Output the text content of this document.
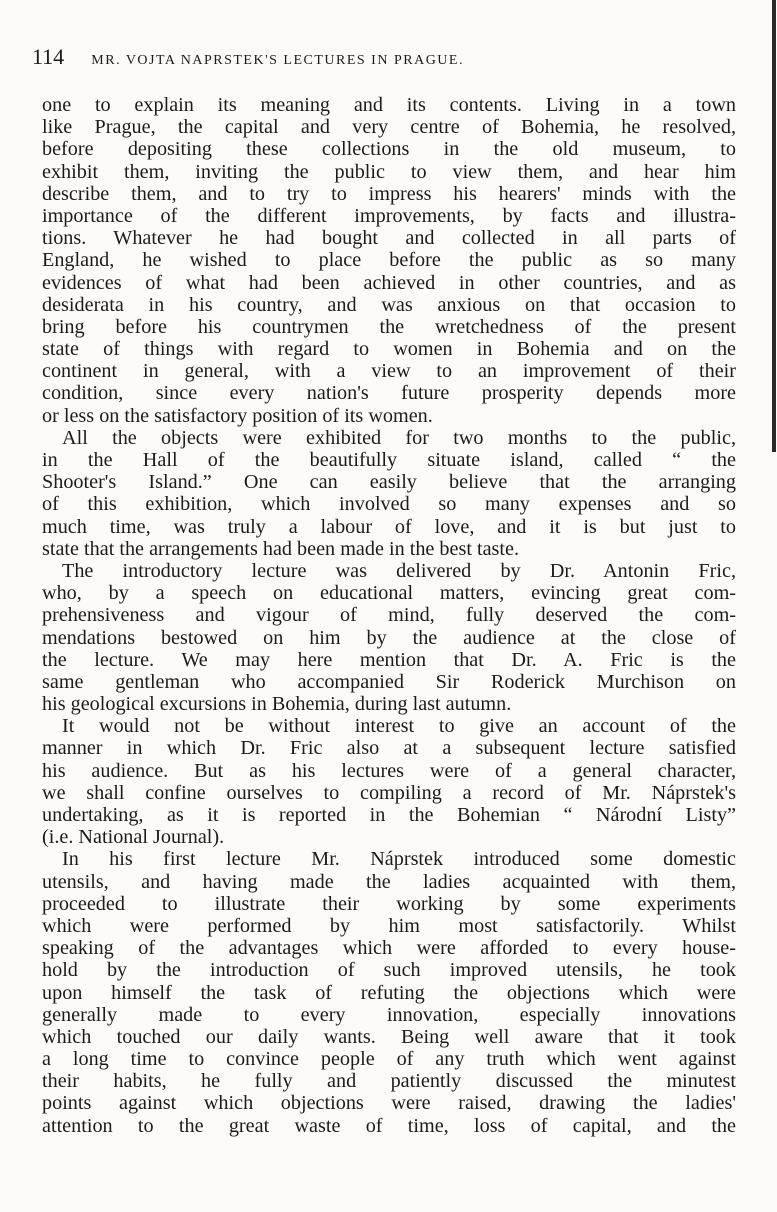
114 MR. VOJTA NAPRSTEK'S LECTURES IN PRAGUE.
one to explain its meaning and its contents. Living in a town
like Prague, the capital and very centre of Bohemia, he resolved,
before depositing these collections in the old museum, to
exhibit them, inviting the public to view them, and hear him
describe them, and to try to impress his hearers' minds with the
importance of the different improvements, by facts and illustra-
tions. Whatever he had bought and collected in all parts of
England, he wished to place before the public as so many
evidences of what had been achieved in other countries, and as
desiderata in his country, and was anxious on that occasion to
bring before his countrymen the wretchedness of the present
state of things with regard to women in Bohemia and on the
continent in general, with a view to an improvement of their
condition, since every nation's future prosperity depends more
or less on the satisfactory position of its women.
All the objects were exhibited for two months to the public,
in the Hall of the beautifully situate island, called “ the
Shooter's Island.” One can easily believe that the arranging
of this exhibition, which involved so many expenses and so
much time, was truly a labour of love, and it is but just to
state that the arrangements had been made in the best taste.
The introductory lecture was delivered by Dr. Antonin Fric,
who, by a speech on educational matters, evincing great com-
prehensiveness and vigour of mind, fully deserved the com-
mendations bestowed on him by the audience at the close of
the lecture. We may here mention that Dr. A. Fric is the
same gentleman who accompanied Sir Roderick Murchison on
his geological excursions in Bohemia, during last autumn.
It would not be without interest to give an account of the
manner in which Dr. Fric also at a subsequent lecture satisfied
his audience. But as his lectures were of a general character,
we shall confine ourselves to compiling a record of Mr. Náprstek's
undertaking, as it is reported in the Bohemian “ Národní Listy”
(i.e. National Journal).
In his first lecture Mr. Náprstek introduced some domestic
utensils, and having made the ladies acquainted with them,
proceeded to illustrate their working by some experiments
which were performed by him most satisfactorily. Whilst
speaking of the advantages which were afforded to every house-
hold by the introduction of such improved utensils, he took
upon himself the task of refuting the objections which were
generally made to every innovation, especially innovations
which touched our daily wants. Being well aware that it took
a long time to convince people of any truth which went against
their habits, he fully and patiently discussed the minutest
points against which objections were raised, drawing the ladies'
attention to the great waste of time, loss of capital, and the
